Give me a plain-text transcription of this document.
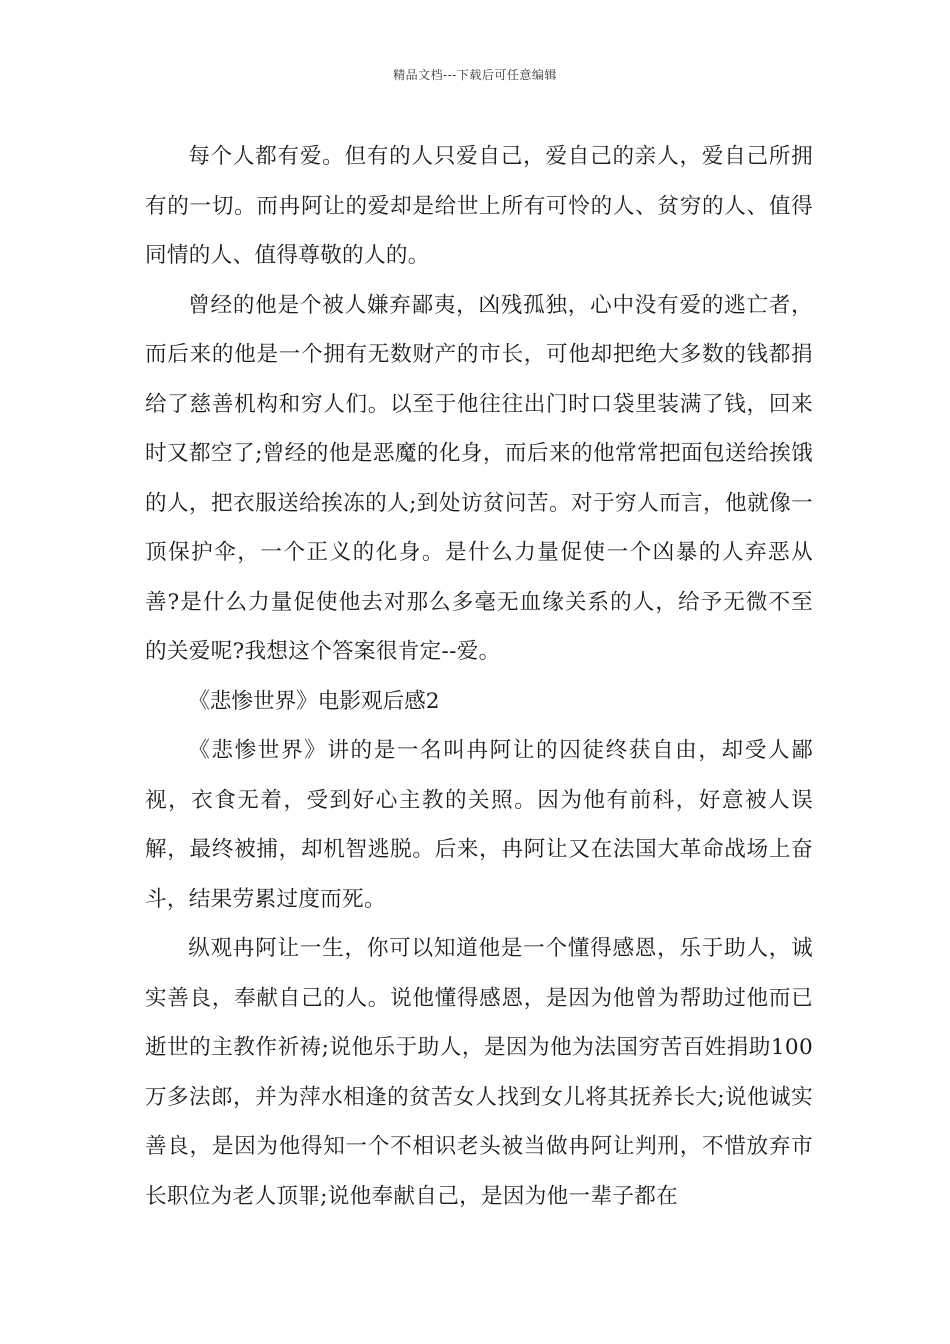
精品文档---下载后可任意编辑

每个人都有爱。但有的人只爱自己，爱自己的亲人，爱自己所拥有的一切。而冉阿让的爱却是给世上所有可怜的人、贫穷的人、值得同情的人、值得尊敬的人的。

曾经的他是个被人嫌弃鄙夷，凶残孤独，心中没有爱的逃亡者，而后来的他是一个拥有无数财产的市长，可他却把绝大多数的钱都捐给了慈善机构和穷人们。以至于他往往出门时口袋里装满了钱，回来时又都空了;曾经的他是恶魔的化身，而后来的他常常把面包送给挨饿的人，把衣服送给挨冻的人;到处访贫问苦。对于穷人而言，他就像一顶保护伞，一个正义的化身。是什么力量促使一个凶暴的人弃恶从善?是什么力量促使他去对那么多毫无血缘关系的人，给予无微不至的关爱呢?我想这个答案很肯定--爱。

《悲惨世界》电影观后感2

《悲惨世界》讲的是一名叫冉阿让的囚徒终获自由，却受人鄙视，衣食无着，受到好心主教的关照。因为他有前科，好意被人误解，最终被捕，却机智逃脱。后来，冉阿让又在法国大革命战场上奋斗，结果劳累过度而死。

纵观冉阿让一生，你可以知道他是一个懂得感恩，乐于助人，诚实善良，奉献自己的人。说他懂得感恩，是因为他曾为帮助过他而已逝世的主教作祈祷;说他乐于助人，是因为他为法国穷苦百姓捐助100万多法郎，并为萍水相逢的贫苦女人找到女儿将其抚养长大;说他诚实善良，是因为他得知一个不相识老头被当做冉阿让判刑，不惜放弃市长职位为老人顶罪;说他奉献自己，是因为他一辈子都在
